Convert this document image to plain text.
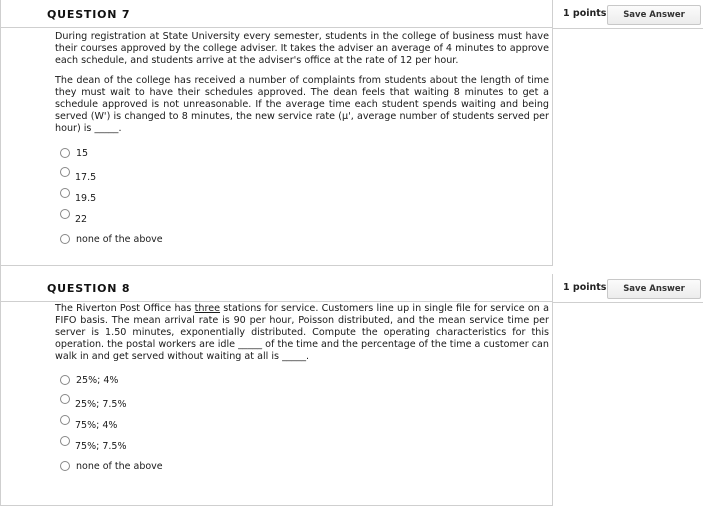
QUESTION 7

During registration at State University every semester, students in the college of business must have their courses approved by the college adviser. It takes the adviser an average of 4 minutes to approve each schedule, and students arrive at the adviser's office at the rate of 12 per hour.

The dean of the college has received a number of complaints from students about the length of time they must wait to have their schedules approved. The dean feels that waiting 8 minutes to get a schedule approved is not unreasonable. If the average time each student spends waiting and being served (W') is changed to 8 minutes, the new service rate (µ', average number of students served per hour) is _____.

15
17.5
19.5
22
none of the above
1 points	Save Answer
QUESTION 8

The Riverton Post Office has three stations for service. Customers line up in single file for service on a FIFO basis. The mean arrival rate is 90 per hour, Poisson distributed, and the mean service time per server is 1.50 minutes, exponentially distributed. Compute the operating characteristics for this operation. the postal workers are idle _____ of the time and the percentage of the time a customer can walk in and get served without waiting at all is _____.

25%; 4%
25%; 7.5%
75%; 4%
75%; 7.5%
none of the above
1 points	Save Answer
